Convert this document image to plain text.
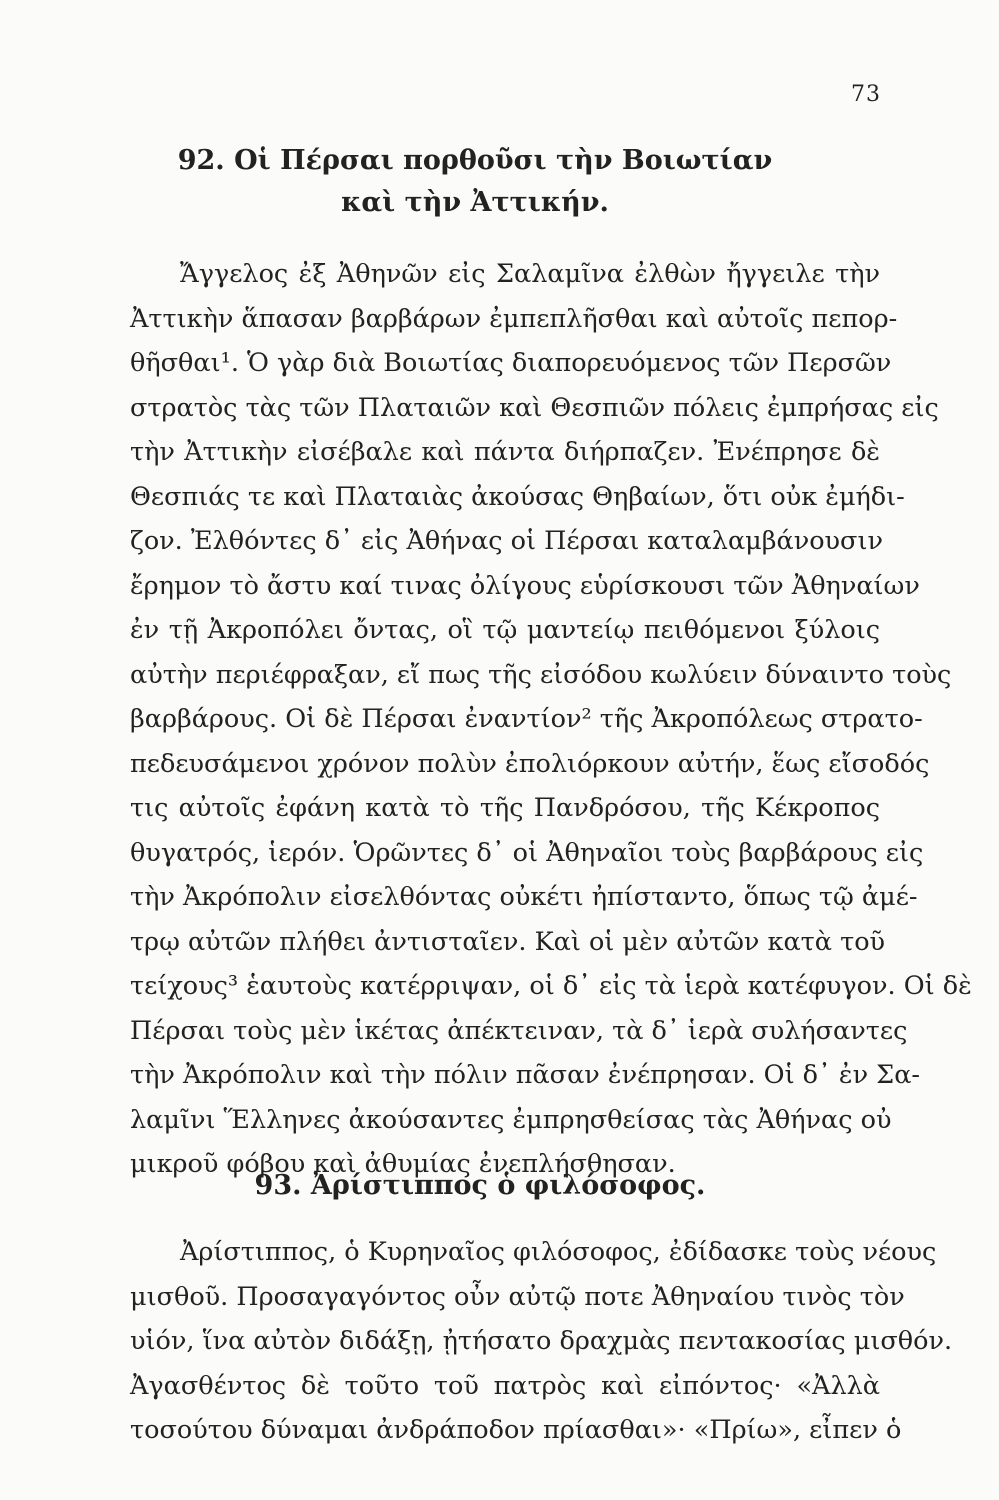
73
92. Οἱ Πέρσαι πορθοῦσι τὴν Βοιωτίαν
καὶ τὴν Ἀττικήν.
Ἄγγελος ἐξ Ἀθηνῶν εἰς Σαλαμῖνα ἐλθὼν ἤγγειλε τὴν
Ἀττικὴν ἅπασαν βαρβάρων ἐμπεπλῆσθαι καὶ αὐτοῖς πεπορ-
θῆσθαι¹. Ὁ γὰρ διὰ Βοιωτίας διαπορευόμενος τῶν Περσῶν
στρατὸς τὰς τῶν Πλαταιῶν καὶ Θεσπιῶν πόλεις ἐμπρήσας εἰς
τὴν Ἀττικὴν εἰσέβαλε καὶ πάντα διήρπαζεν. Ἐνέπρησε δὲ
Θεσπιάς τε καὶ Πλαταιὰς ἀκούσας Θηβαίων, ὅτι οὐκ ἐμήδι-
ζον. Ἐλθόντες δ᾽ εἰς Ἀθήνας οἱ Πέρσαι καταλαμβάνουσιν
ἔρημον τὸ ἄστυ καί τινας ὀλίγους εὑρίσκουσι τῶν Ἀθηναίων
ἐν τῇ Ἀκροπόλει ὄντας, οἳ τῷ μαντείῳ πειθόμενοι ξύλοις
αὐτὴν περιέφραξαν, εἴ πως τῆς εἰσόδου κωλύειν δύναιντο τοὺς
βαρβάρους. Οἱ δὲ Πέρσαι ἐναντίον² τῆς Ἀκροπόλεως στρατο-
πεδευσάμενοι χρόνον πολὺν ἐπολιόρκουν αὐτήν, ἕως εἴσοδός
τις αὐτοῖς ἐφάνη κατὰ τὸ τῆς Πανδρόσου, τῆς Κέκροπος
θυγατρός, ἱερόν. Ὁρῶντες δ᾽ οἱ Ἀθηναῖοι τοὺς βαρβάρους εἰς
τὴν Ἀκρόπολιν εἰσελθόντας οὐκέτι ἠπίσταντο, ὅπως τῷ ἀμέ-
τρῳ αὐτῶν πλήθει ἀντισταῖεν. Καὶ οἱ μὲν αὐτῶν κατὰ τοῦ
τείχους³ ἑαυτοὺς κατέρριψαν, οἱ δ᾽ εἰς τὰ ἱερὰ κατέφυγον. Οἱ δὲ
Πέρσαι τοὺς μὲν ἱκέτας ἀπέκτειναν, τὰ δ᾽ ἱερὰ συλήσαντες
τὴν Ἀκρόπολιν καὶ τὴν πόλιν πᾶσαν ἐνέπρησαν. Οἱ δ᾽ ἐν Σα-
λαμῖνι Ἕλληνες ἀκούσαντες ἐμπρησθείσας τὰς Ἀθήνας οὐ
μικροῦ φόβου καὶ ἀθυμίας ἐνεπλήσθησαν.
93. Ἀρίστιππος ὁ φιλόσοφος.
Ἀρίστιππος, ὁ Κυρηναῖος φιλόσοφος, ἐδίδασκε τοὺς νέους
μισθοῦ. Προσαγαγόντος οὖν αὐτῷ ποτε Ἀθηναίου τινὸς τὸν
υἱόν, ἵνα αὐτὸν διδάξῃ, ᾐτήσατο δραχμὰς πεντακοσίας μισθόν.
Ἀγασθέντος δὲ τοῦτο τοῦ πατρὸς καὶ εἰπόντος· «Ἀλλὰ
τοσούτου δύναμαι ἀνδράποδον πρίασθαι»· «Πρίω», εἶπεν ὁ
